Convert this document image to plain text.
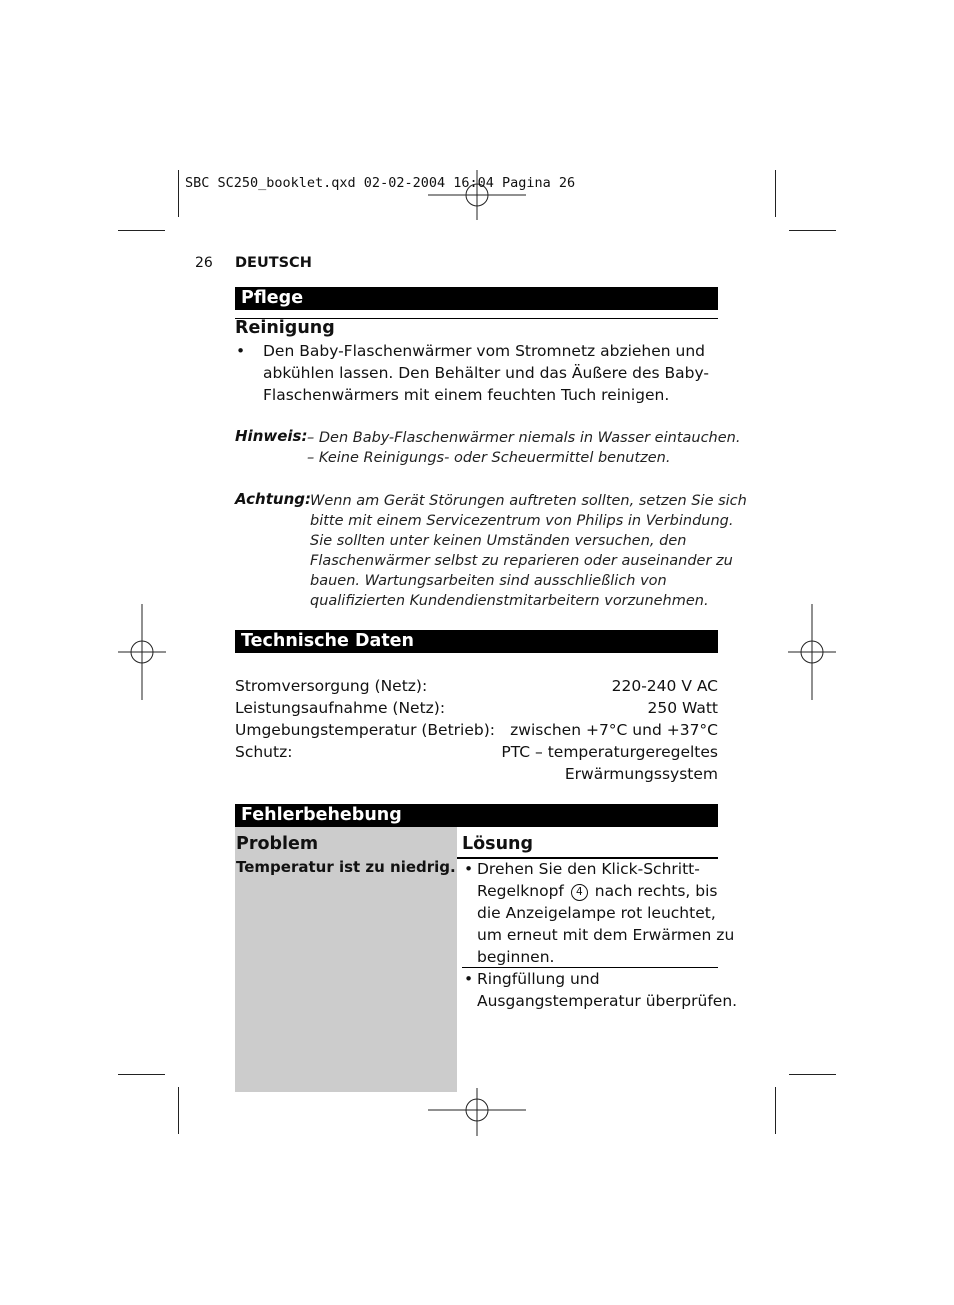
SBC SC250_booklet.qxd 02-02-2004 16:04 Pagina 26
26 DEUTSCH
Pflege
Reinigung
• Den Baby-Flaschenwärmer vom Stromnetz abziehen und
abkühlen lassen. Den Behälter und das Äußere des Baby-
Flaschenwärmers mit einem feuchten Tuch reinigen.
Hinweis: – Den Baby-Flaschenwärmer niemals in Wasser eintauchen.
– Keine Reinigungs- oder Scheuermittel benutzen.
Achtung: Wenn am Gerät Störungen auftreten sollten, setzen Sie sich
bitte mit einem Servicezentrum von Philips in Verbindung.
Sie sollten unter keinen Umständen versuchen, den
Flaschenwärmer selbst zu reparieren oder auseinander zu
bauen. Wartungsarbeiten sind ausschließlich von
qualifizierten Kundendienstmitarbeitern vorzunehmen.
Technische Daten
Stromversorgung (Netz):	220-240 V AC
Leistungsaufnahme (Netz):	250 Watt
Umgebungstemperatur (Betrieb): zwischen +7°C und +37°C
Schutz:	PTC – temperaturgeregeltes
Erwärmungssystem
Fehlerbehebung
Problem	Lösung
Temperatur ist zu niedrig. • Drehen Sie den Klick-Schritt-
Regelknopf 4 nach rechts, bis
die Anzeigelampe rot leuchtet,
um erneut mit dem Erwärmen zu
beginnen.
• Ringfüllung und
Ausgangstemperatur überprüfen.
